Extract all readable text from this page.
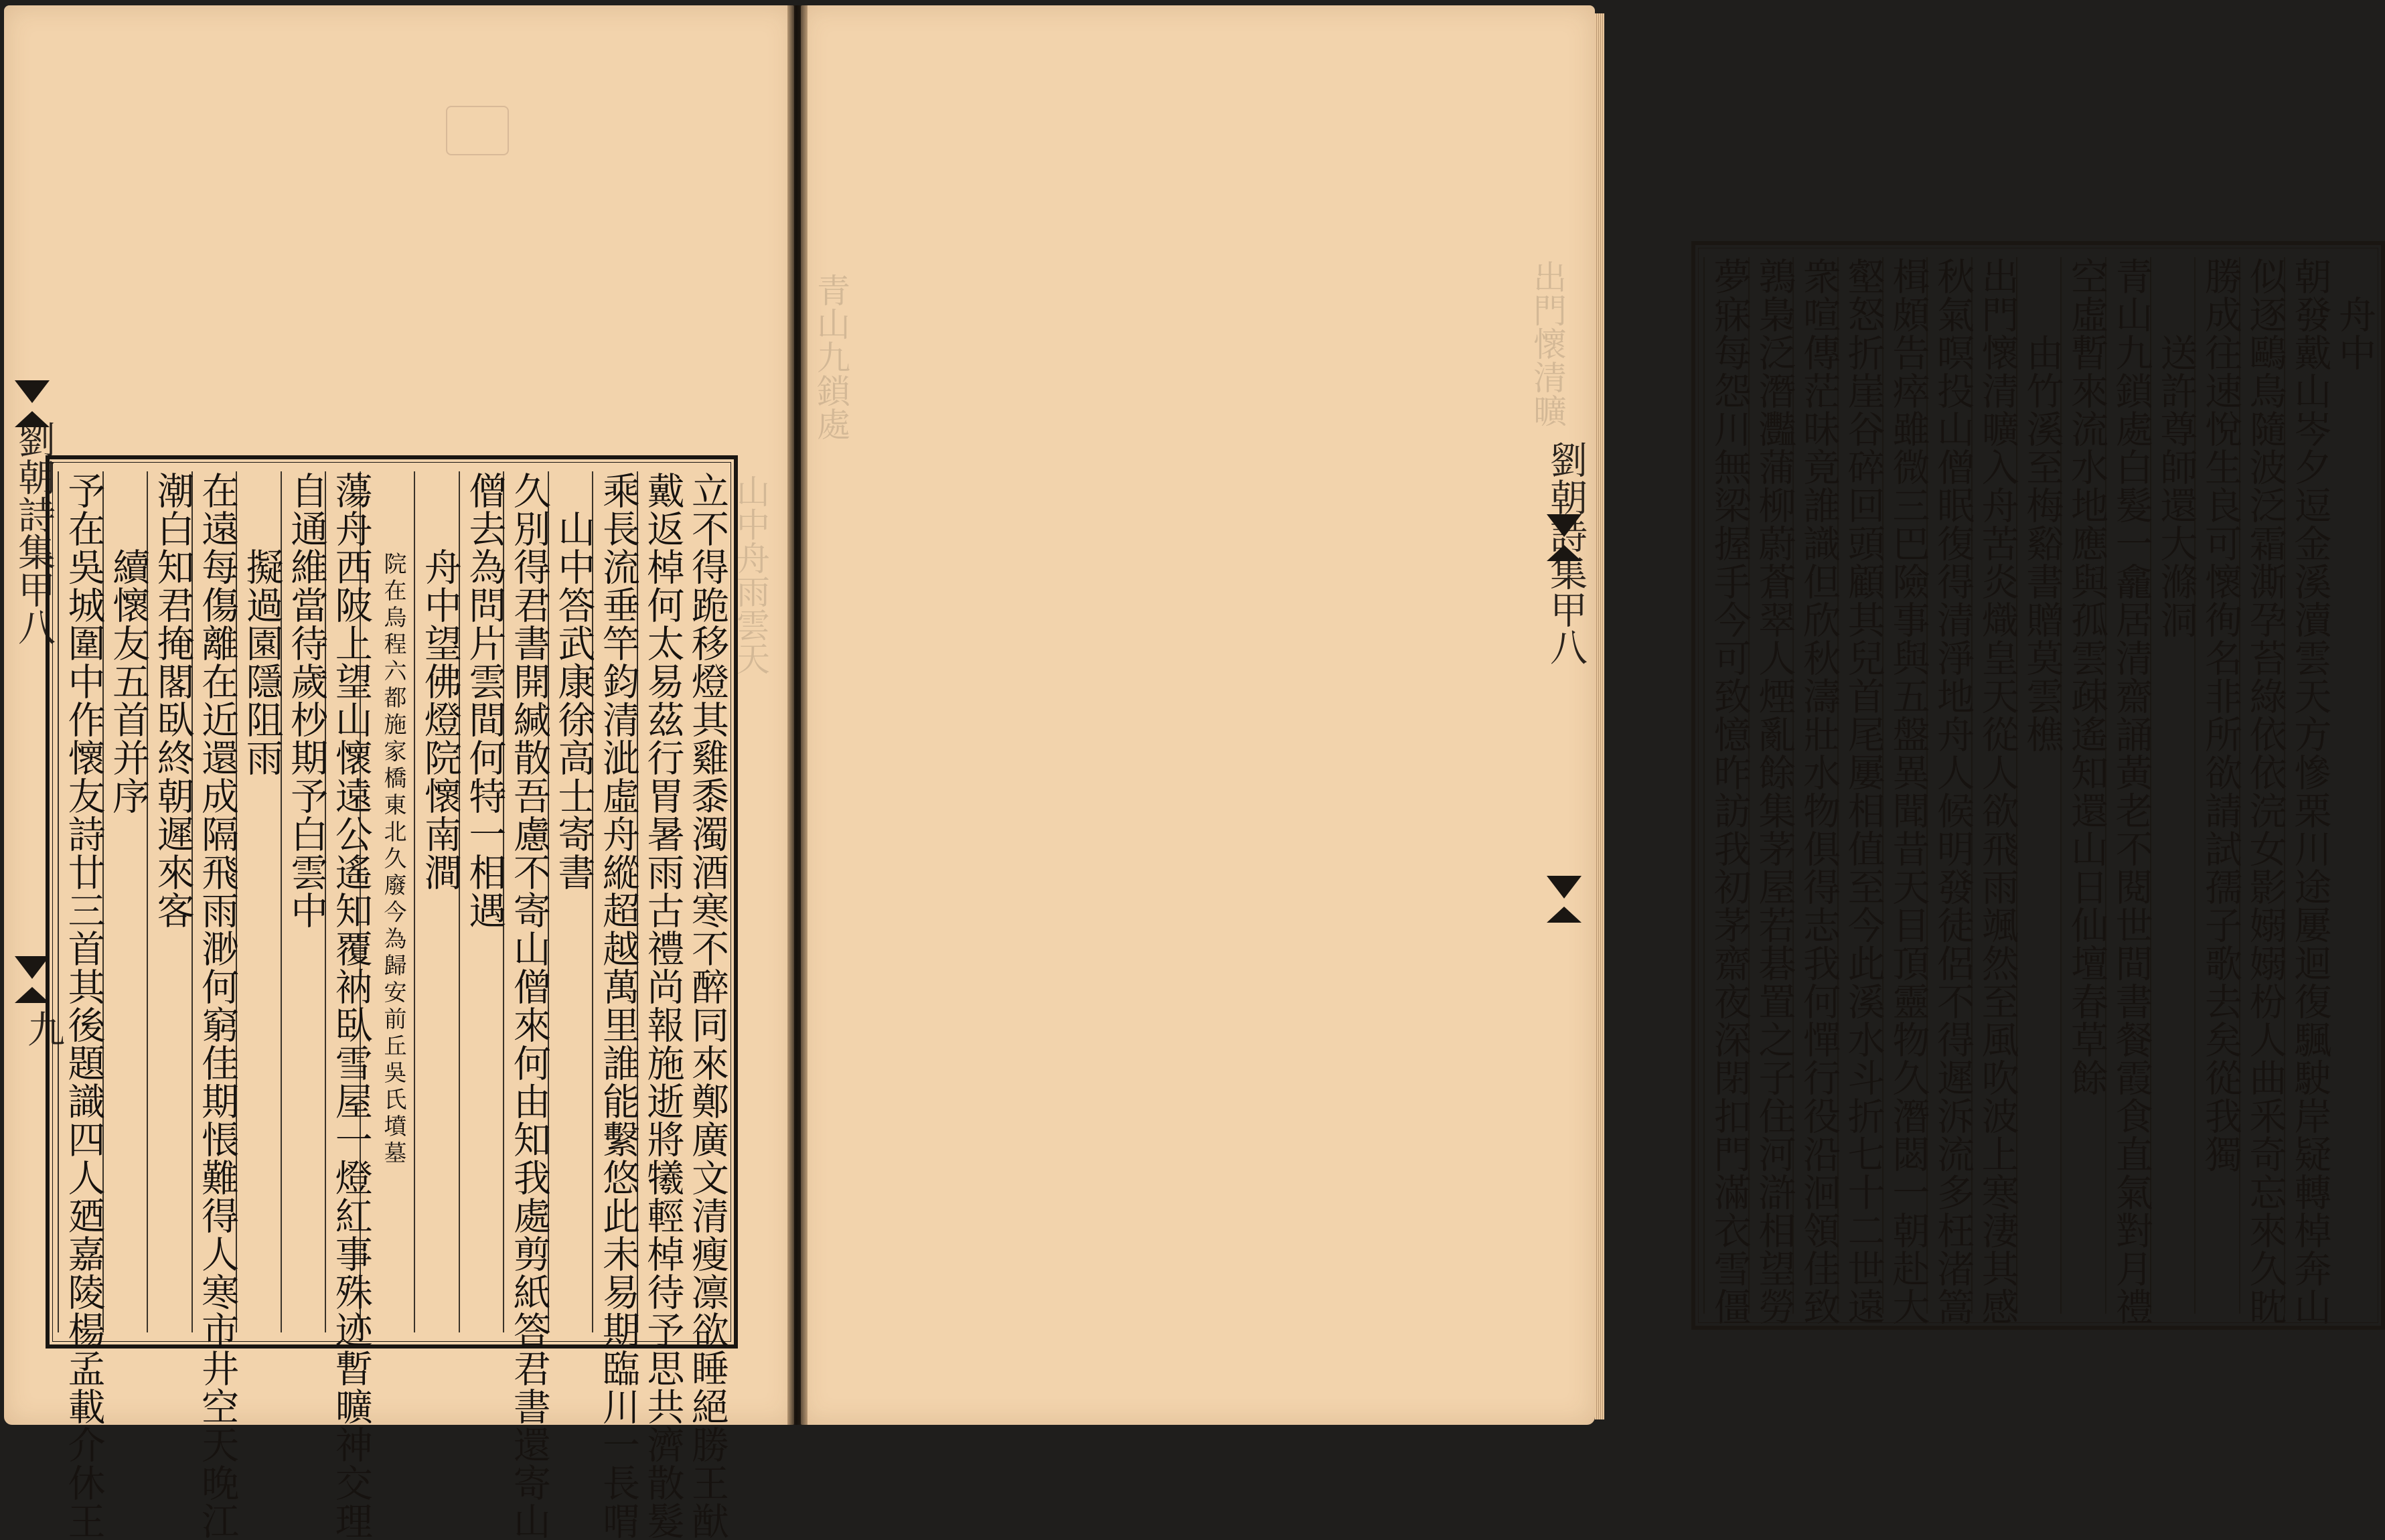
山中舟雨雲天
劉朝詩集甲八
九	立不得跪移燈其雞黍濁酒寒不醉同來鄭廣文清瘦凛欲睡絕勝王猷
戴返棹何太易茲行胃暑雨古禮尚報施逝將犧輕棹待予思共濟散髮
乘長流垂竿鈞清泚虛舟縱超越萬里誰能繫悠此未易期臨川一長喟
　山中答武康徐高士寄書
久別得君書開緘散吾慮不寄山僧來何由知我處剪紙答君書還寄山
僧去為問片雲間何特一相遇
　　舟中望佛燈院懷南澗
　　　院在烏程六都施家橋東北久廢今為歸安前丘吳氏墳墓
蕩舟西陂上望山懷遠公遙知覆衲臥雪屋一燈紅事殊迹暫曠神交理
自通維當待歲杪期予白雲中
　　擬過園隱阻雨
在遠每傷離在近還成隔飛雨渺何窮佳期悵難得人寒市井空天晚江
潮白知君掩閣臥終朝遲來客
　　續懷友五首并序
予在吳城圍中作懷友詩廿三首其後題識四人廼嘉陵楊孟載介休王
青山九鎖處	出門懷清曠	　舟中
朝發戴山岑夕逗金溪瀆雲天方慘栗川途屢迴復颿駛岸疑轉棹奔山
似逐鷗鳥隨波泛霜澌孕苔綠依依浣女影嫋嫋枌人曲釆奇忘來久眈
勝成往速悅生良可懷徇名非所欲請試孺子歌去矣從我獨
　　送許尊師還大滌洞
青山九鎖處白髮一龕居清齋誦黃老不閱世間書餐霞食直氣對月禮
空虛暫來流水地應與孤雲疎遙知還山日仙壇春草餘
　　由竹溪至梅谿書贈莫雲樵
出門懷清曠入舟苦炎熾皇天從人欲飛雨颯然至風吹波上寒淒其感
秋氣暝投山僧眠復得清淨地舟人候明發徒侶不得遲泝流多枉渚篙
楫頗告瘁雖微三巴險事與五盤異聞昔天目頂靈物久潛閟一朝赴大
壑怒折崖谷碎回頭顧其兒首尾屢相值至今此溪水斗折七十二世遠
衆喧傳茫昧竟誰識但欣秋濤壯水物俱得志我何憚行役沿洄領佳致
鶉梟泛潛灩蒲柳蔚蒼翠人煙亂餘集茅屋若碁置之子住河滸相望勞
夢寐每怨川無梁握手今可致憶昨訪我初茅齋夜深閉扣門滿衣雪僵
劉朝詩集甲八
